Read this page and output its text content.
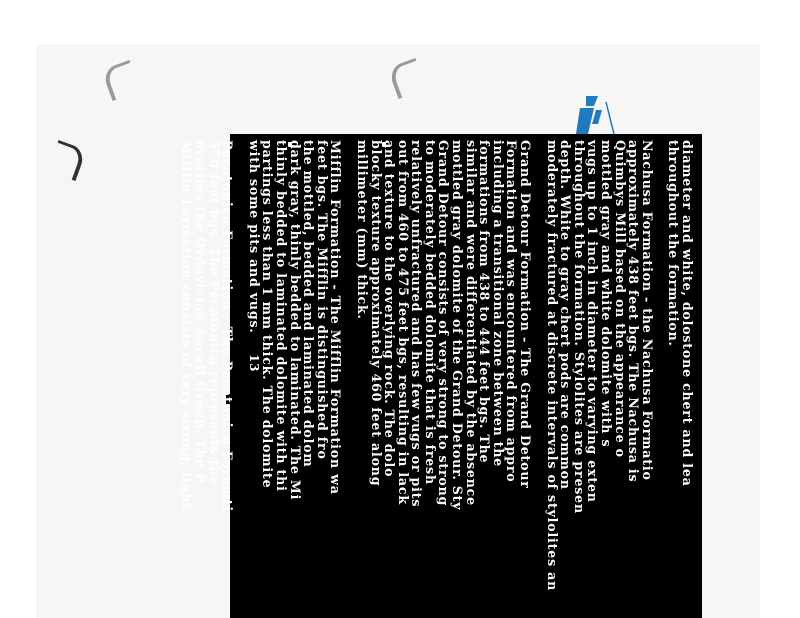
diameter and white, dolostone chert and lea
throughout the formation.

Nachusa Formation - the Nachusa Formatio
approximately 438 feet bgs. The Nachusa is
Quimbys Mill based on the appearance o
mottled gray and white dolomite with s
vugs up to 1 inch in diameter to varying exten
throughout the formation. Stylolites are presen
depth. White to gray chert pods are common
moderately fractured at discrete intervals of stylolites an

Grand Detour Formation - The Grand Detour
Formation and was encountered from appro
including a transitional zone between the
formations from 438 to 444 feet bgs. The
similar and were differentiated by the absence
mottled gray dolomite of the Grand Detour. Sty
Grand Detour consists of very strong to strong
to moderately bedded dolomite that is fresh
relatively unfractured and has few vugs or pits
out from 460 to 475 feet bgs, resulting in lack
and texture to the overlying rock. The dolo
blocky texture approximately 460 feet along
millimeter (mm) thick.

Mifflin Formation - The Mifflin Formation wa
feet bgs. The Mifflin is distinguished fro
the mottled, bedded and laminated dolom
dark gray, thinly bedded to laminated. The Mi
thinly bedded to laminated dolomite with thi
partings less than 1 mm thick. The dolomite
with some pits and vugs.

Pecatonica Formation - The Pecatonica Formati
570 feet bgs. The Pecatonica represents the
overlies the Ordovician Ancell Group. The P
Mifflin Formation consists of very strong, light	13
